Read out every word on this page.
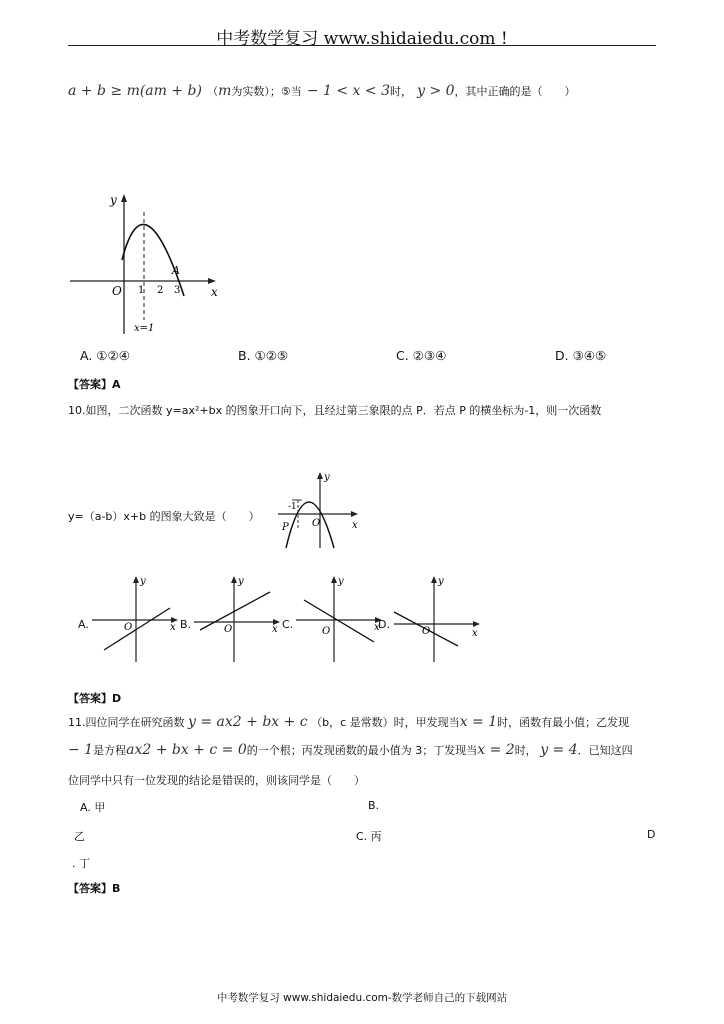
中考数学复习 www.shidaiedu.com !
a + b ≥ m(am + b) （m为实数）；⑤当 − 1 < x < 3时， y > 0，其中正确的是（　　）
y
x
O 1 2 3
A
x=1
A. ①②④	B. ①②⑤	C. ②③④	D. ③④⑤
【答案】A
10.如图，二次函数 y=ax²+bx 的图象开口向下，且经过第三象限的点 P．若点 P 的横坐标为-1，则一次函数
y=（a-b）x+b 的图象大致是（　　）
y
x
O
-1
P
A.
y
x
O	B.
y
x
O	C.
y
x
O
D.
y
x
O
【答案】D
11.四位同学在研究函数 y = ax2 + bx + c （b，c 是常数）时，甲发现当x = 1时，函数有最小值；乙发现
− 1是方程ax2 + bx + c = 0的一个根；丙发现函数的最小值为 3；丁发现当x = 2时， y = 4．已知这四
位同学中只有一位发现的结论是错误的，则该同学是（　　）
A. 甲	B.
乙	C. 丙	D
. 丁
【答案】B
中考数学复习 www.shidaiedu.com-数学老师自己的下载网站
